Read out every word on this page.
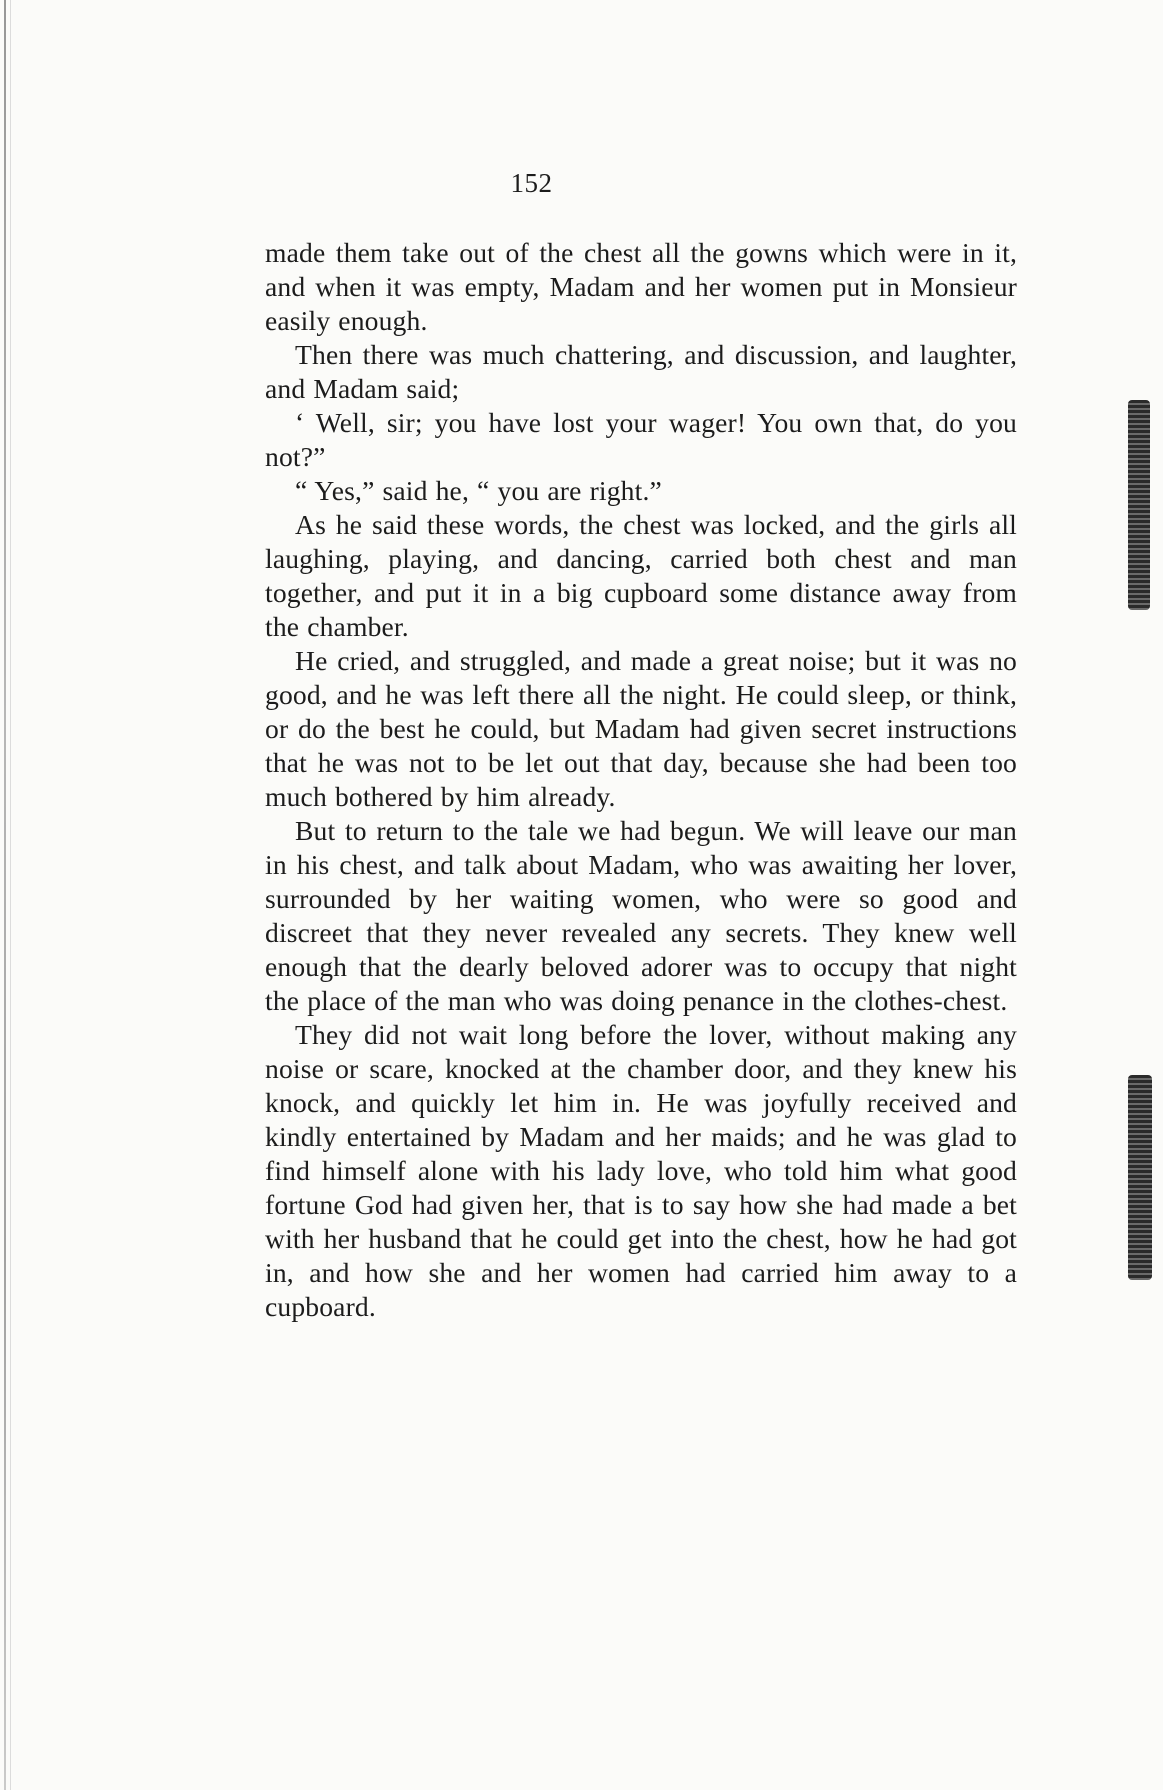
152

made them take out of the chest all the gowns which were in it, and when it was empty, Madam and her women put in Monsieur easily enough.

Then there was much chattering, and discussion, and laughter, and Madam said;

‘ Well, sir; you have lost your wager! You own that, do you not?”

“ Yes,” said he, “ you are right.”

As he said these words, the chest was locked, and the girls all laughing, playing, and dancing, carried both chest and man together, and put it in a big cupboard some distance away from the chamber.

He cried, and struggled, and made a great noise; but it was no good, and he was left there all the night. He could sleep, or think, or do the best he could, but Madam had given secret instructions that he was not to be let out that day, because she had been too much bothered by him already.

But to return to the tale we had begun. We will leave our man in his chest, and talk about Madam, who was awaiting her lover, surrounded by her waiting women, who were so good and discreet that they never revealed any secrets. They knew well enough that the dearly beloved adorer was to occupy that night the place of the man who was doing penance in the clothes-chest.

They did not wait long before the lover, without making any noise or scare, knocked at the chamber door, and they knew his knock, and quickly let him in. He was joyfully received and kindly entertained by Madam and her maids; and he was glad to find himself alone with his lady love, who told him what good fortune God had given her, that is to say how she had made a bet with her husband that he could get into the chest, how he had got in, and how she and her women had carried him away to a cupboard.
